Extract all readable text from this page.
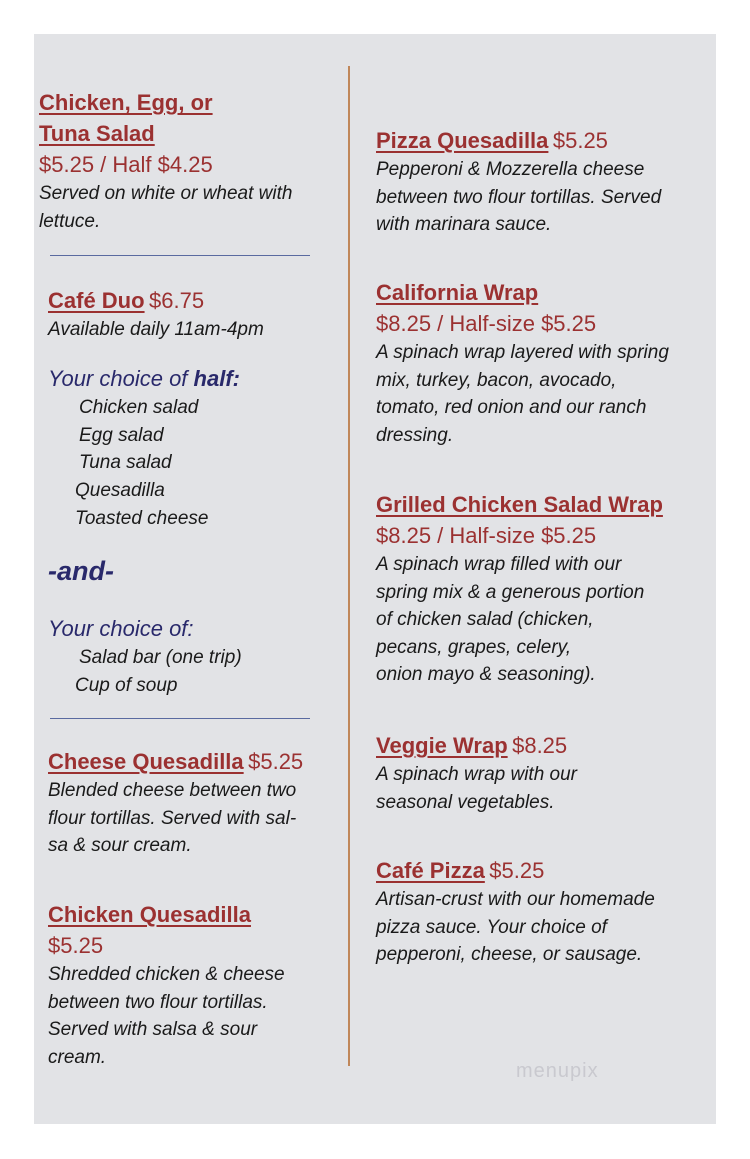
Chicken, Egg, or
Tuna Salad
$5.25 / Half $4.25
Served on white or wheat with
lettuce.
Café Duo $6.75
Available daily 11am-4pm
Your choice of half:
Chicken salad
Egg salad
Tuna salad
Quesadilla
Toasted cheese
-and-
Your choice of:
Salad bar (one trip)
Cup of soup
Cheese Quesadilla $5.25
Blended cheese between two
flour tortillas. Served with sal-
sa & sour cream.
Chicken Quesadilla
$5.25
Shredded chicken & cheese
between two flour tortillas.
Served with salsa & sour
cream.
Pizza Quesadilla $5.25
Pepperoni & Mozzerella cheese
between two flour tortillas. Served
with marinara sauce.
California Wrap
$8.25 / Half-size $5.25
A spinach wrap layered with spring
mix, turkey, bacon, avocado,
tomato, red onion and our ranch
dressing.
Grilled Chicken Salad Wrap
$8.25 / Half-size $5.25
A spinach wrap filled with our
spring mix & a generous portion
of chicken salad (chicken,
pecans, grapes, celery,
onion mayo & seasoning).
Veggie Wrap $8.25
A spinach wrap with our
seasonal vegetables.
Café Pizza $5.25
Artisan-crust with our homemade
pizza sauce. Your choice of
pepperoni, cheese, or sausage.
menupix
